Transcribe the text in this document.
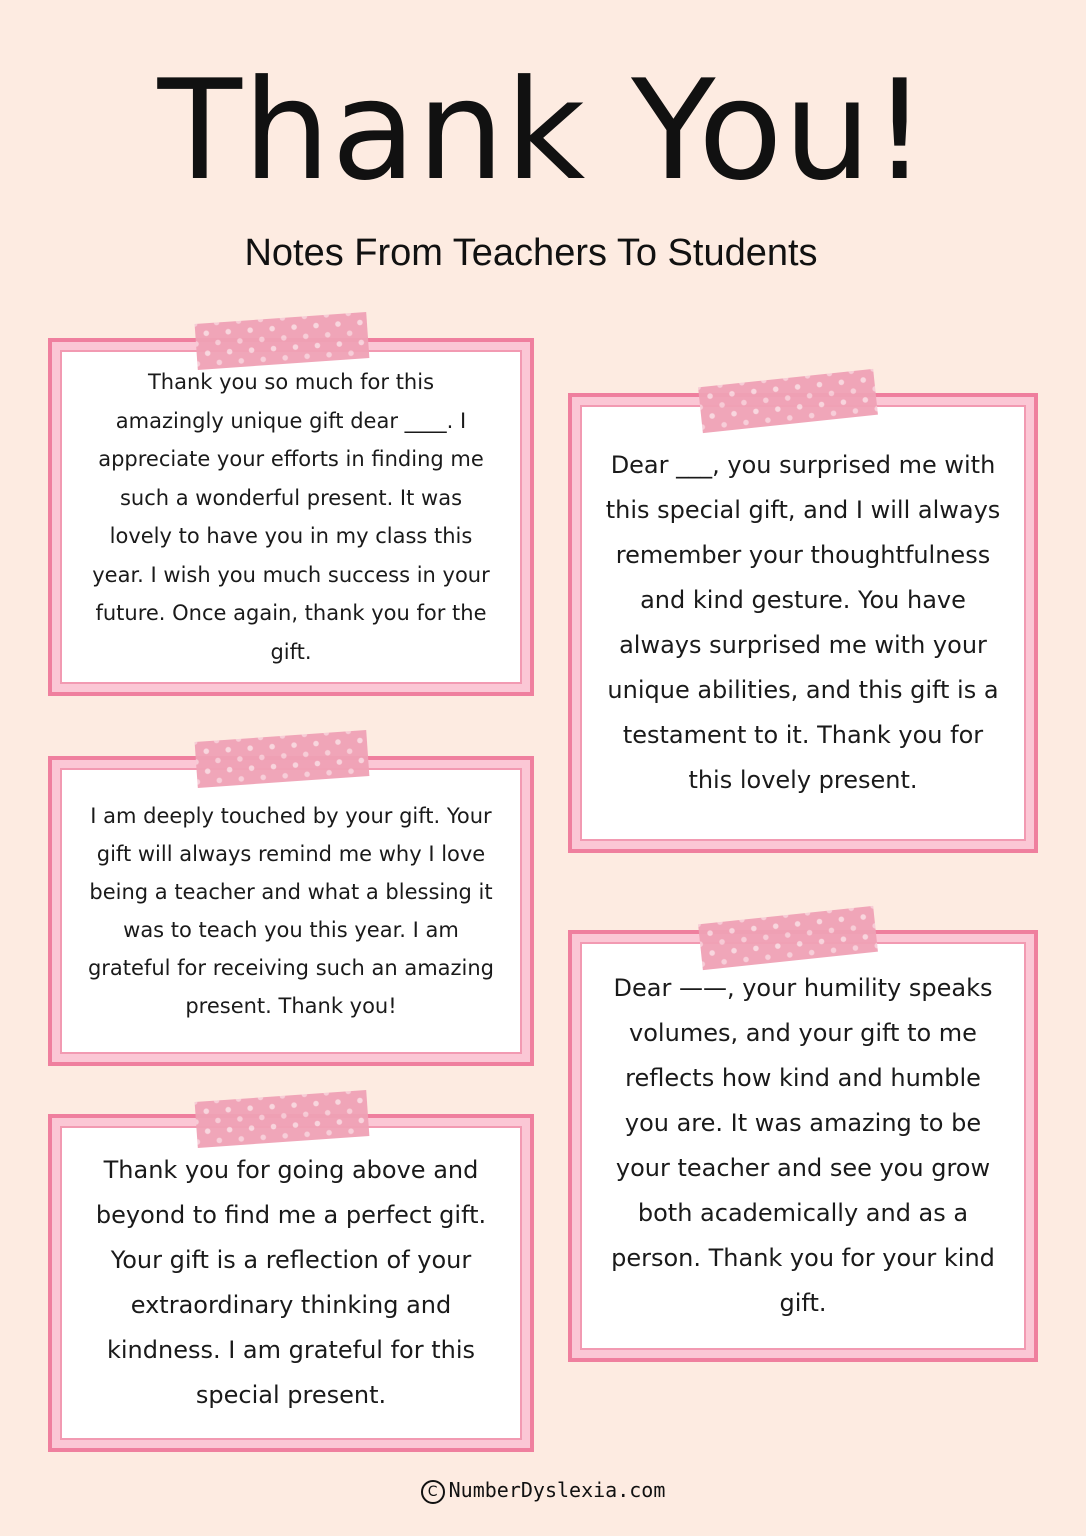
Thank You!
Notes From Teachers To Students

Thank you so much for this amazingly unique gift dear ____. I appreciate your efforts in finding me such a wonderful present. It was lovely to have you in my class this year. I wish you much success in your future. Once again, thank you for the gift.

Dear ___, you surprised me with this special gift, and I will always remember your thoughtfulness and kind gesture. You have always surprised me with your unique abilities, and this gift is a testament to it. Thank you for this lovely present.

I am deeply touched by your gift. Your gift will always remind me why I love being a teacher and what a blessing it was to teach you this year. I am grateful for receiving such an amazing present. Thank you!

Dear ——, your humility speaks volumes, and your gift to me reflects how kind and humble you are. It was amazing to be your teacher and see you grow both academically and as a person. Thank you for your kind gift.

Thank you for going above and beyond to find me a perfect gift. Your gift is a reflection of your extraordinary thinking and kindness. I am grateful for this special present.

C NumberDyslexia.com
